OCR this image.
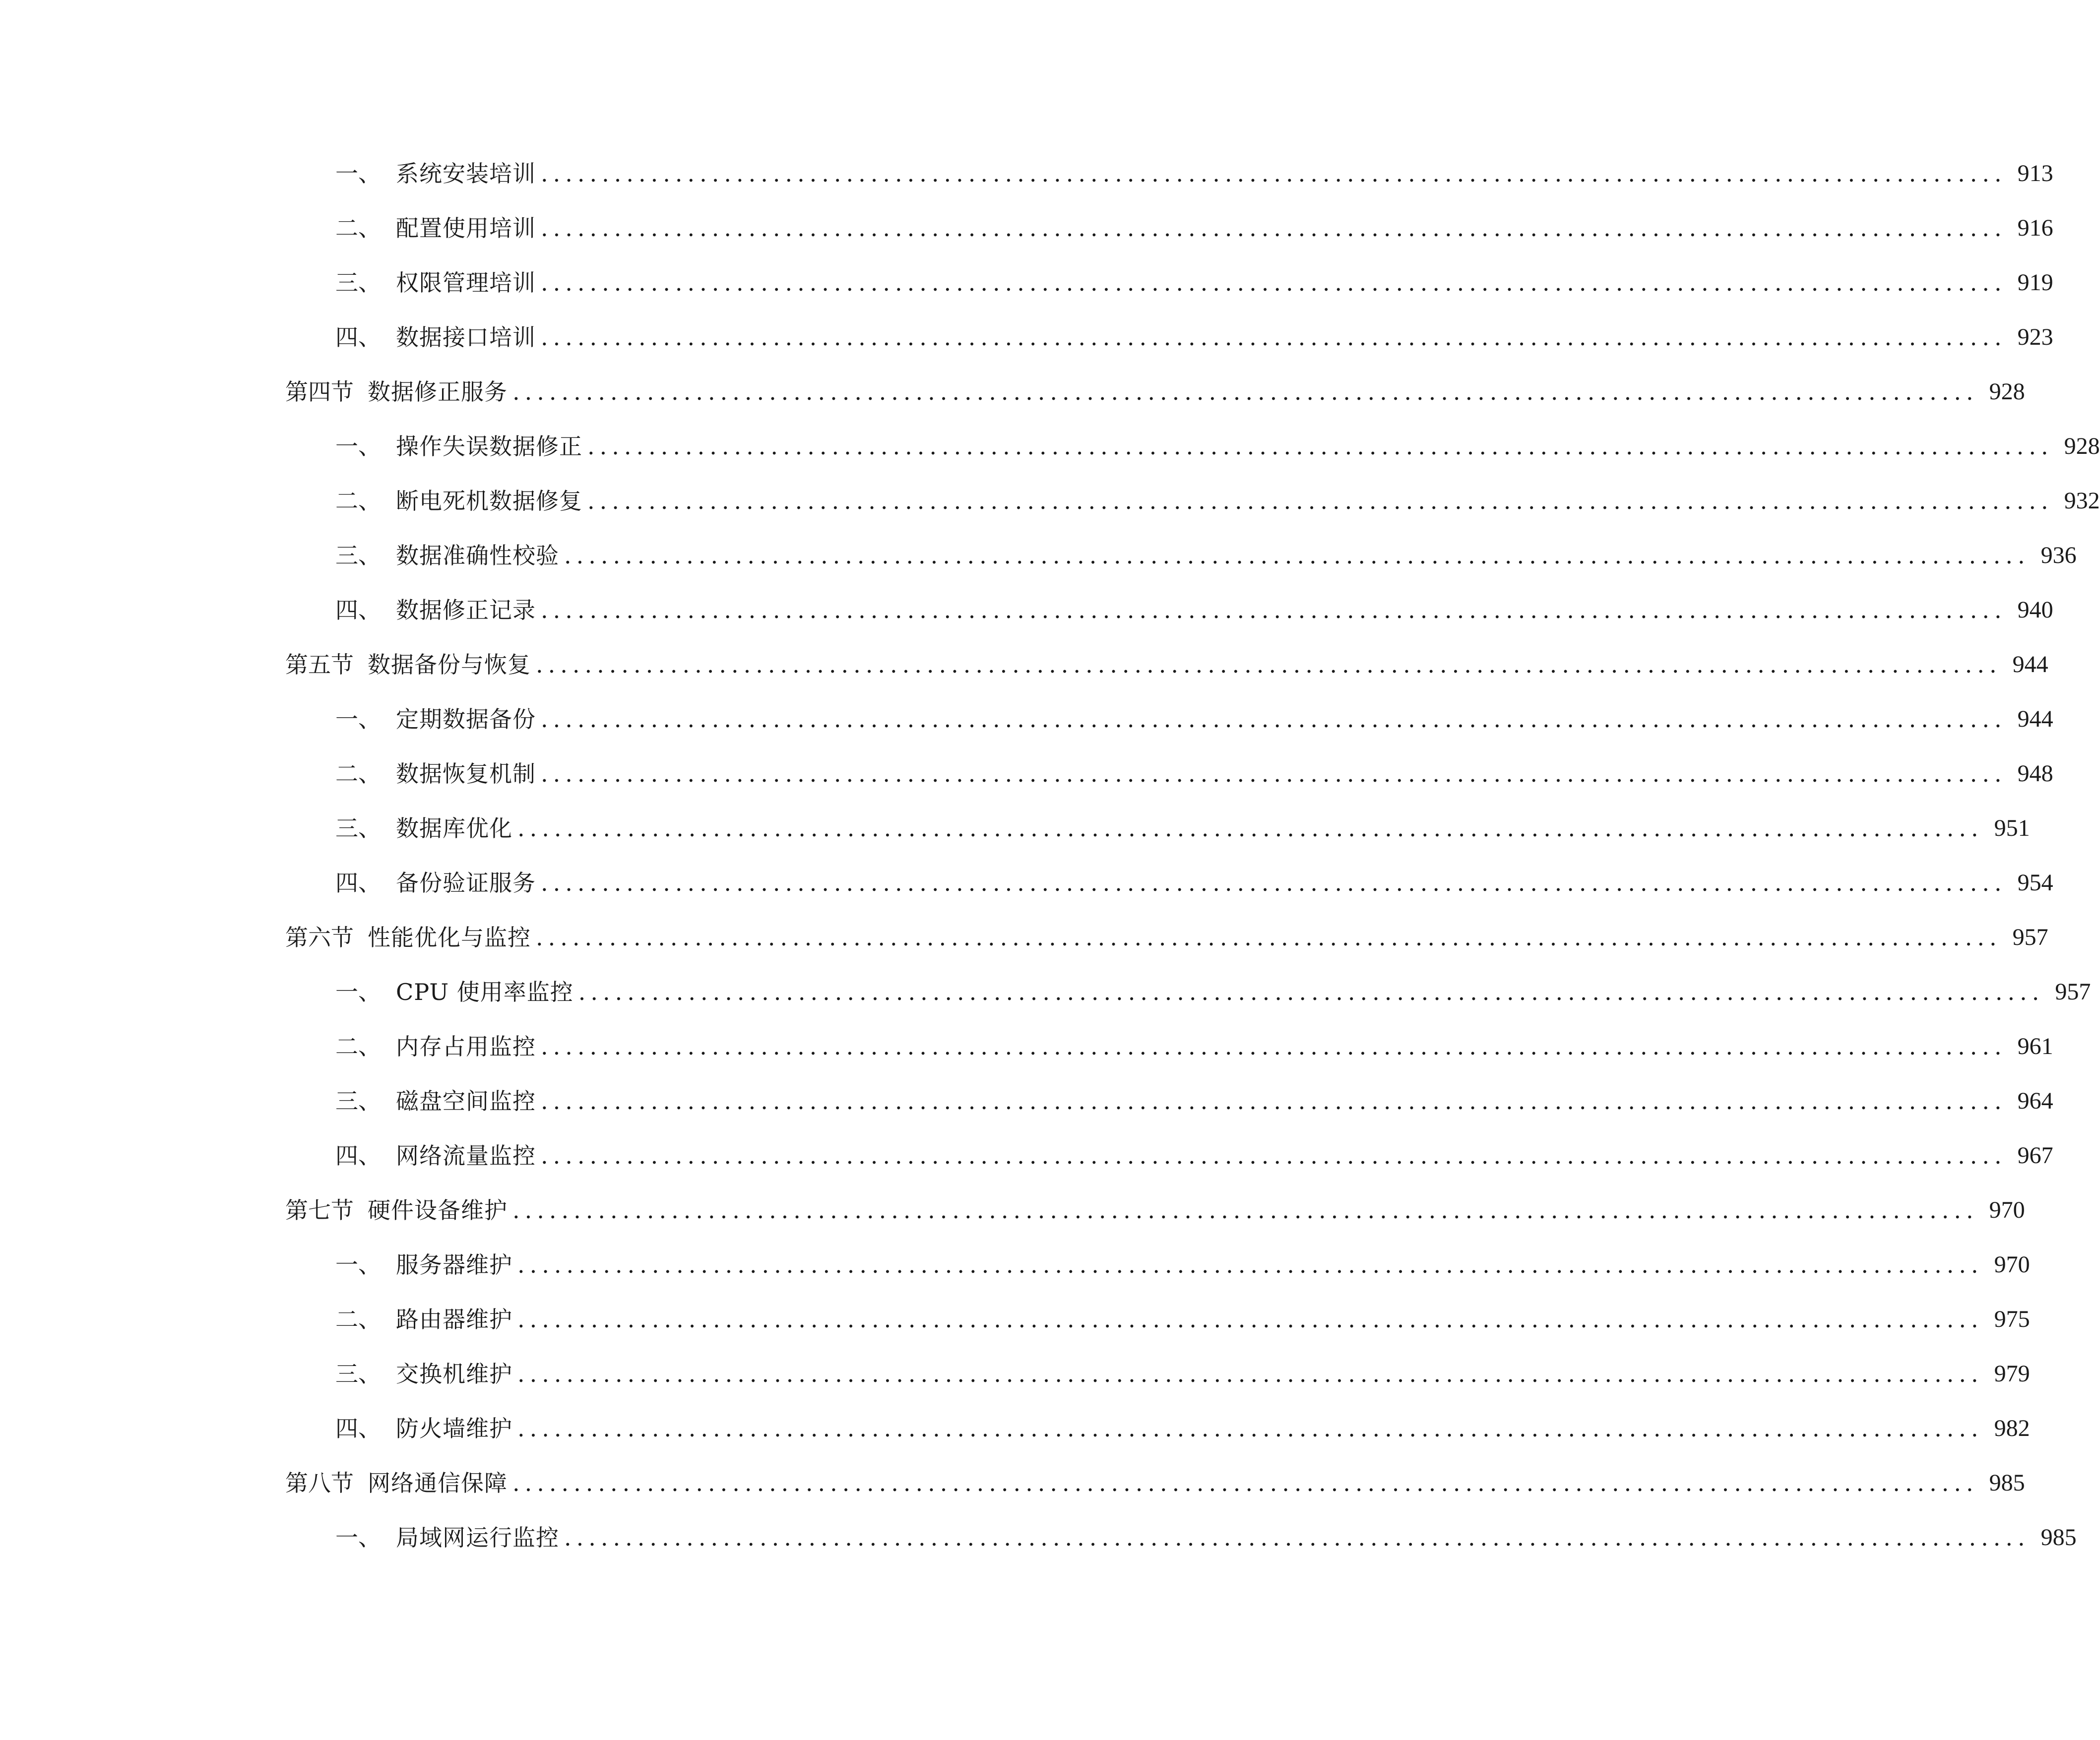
一、 系统安装培训 ........................................................................................................................ 913
二、 配置使用培训 ........................................................................................................................ 916
三、 权限管理培训 ........................................................................................................................ 919
四、 数据接口培训 ........................................................................................................................ 923
第四节 数据修正服务 ........................................................................................................................ 928
一、 操作失误数据修正 ........................................................................................................................ 928
二、 断电死机数据修复 ........................................................................................................................ 932
三、 数据准确性校验 ........................................................................................................................ 936
四、 数据修正记录 ........................................................................................................................ 940
第五节 数据备份与恢复 ........................................................................................................................ 944
一、 定期数据备份 ........................................................................................................................ 944
二、 数据恢复机制 ........................................................................................................................ 948
三、 数据库优化 ........................................................................................................................ 951
四、 备份验证服务 ........................................................................................................................ 954
第六节 性能优化与监控 ........................................................................................................................ 957
一、 CPU 使用率监控 ........................................................................................................................ 957
二、 内存占用监控 ........................................................................................................................ 961
三、 磁盘空间监控 ........................................................................................................................ 964
四、 网络流量监控 ........................................................................................................................ 967
第七节 硬件设备维护 ........................................................................................................................ 970
一、 服务器维护 ........................................................................................................................ 970
二、 路由器维护 ........................................................................................................................ 975
三、 交换机维护 ........................................................................................................................ 979
四、 防火墙维护 ........................................................................................................................ 982
第八节 网络通信保障 ........................................................................................................................ 985
一、 局域网运行监控 ........................................................................................................................ 985
